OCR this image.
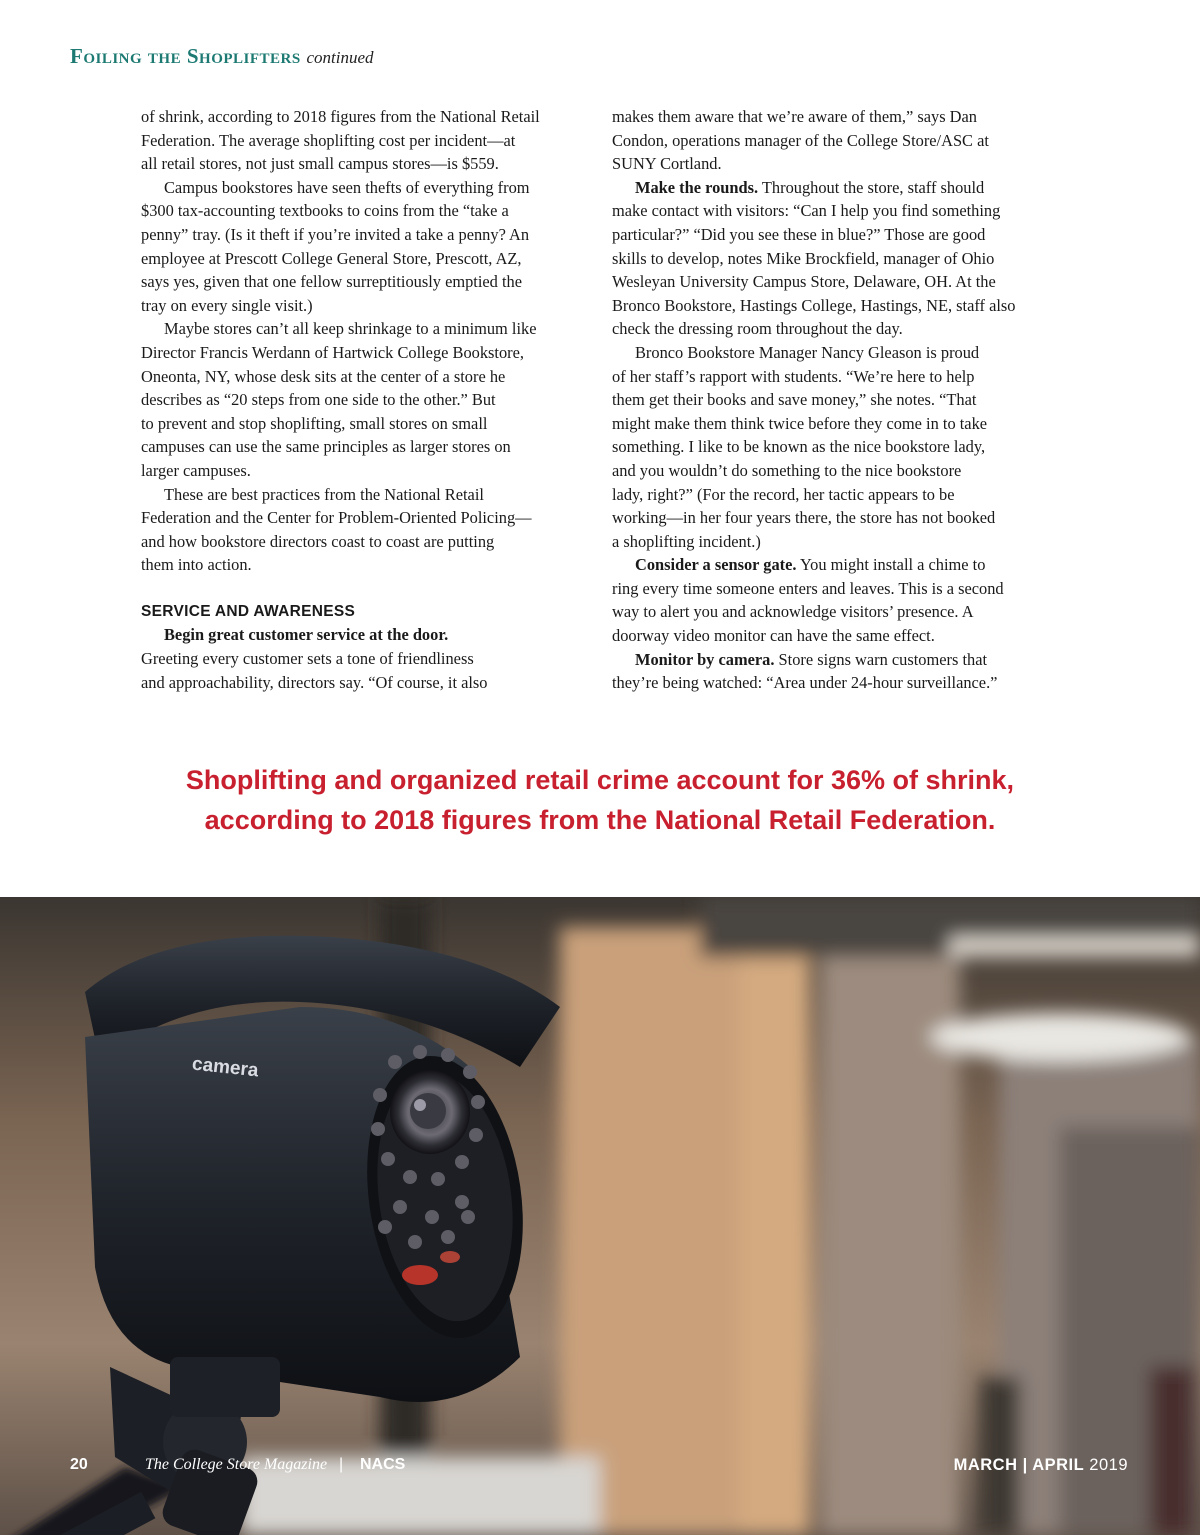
Foiling the Shoplifters continued

of shrink, according to 2018 figures from the National Retail

Federation. The average shoplifting cost per incident—at

all retail stores, not just small campus stores—is $559.

Campus bookstores have seen thefts of everything from

$300 tax-accounting textbooks to coins from the “take a

penny” tray. (Is it theft if you’re invited a take a penny? An

employee at Prescott College General Store, Prescott, AZ,

says yes, given that one fellow surreptitiously emptied the

tray on every single visit.)

Maybe stores can’t all keep shrinkage to a minimum like

Director Francis Werdann of Hartwick College Bookstore,

Oneonta, NY, whose desk sits at the center of a store he

describes as “20 steps from one side to the other.” But

to prevent and stop shoplifting, small stores on small

campuses can use the same principles as larger stores on

larger campuses.

These are best practices from the National Retail

Federation and the Center for Problem-Oriented Policing—

and how bookstore directors coast to coast are putting

them into action.

SERVICE AND AWARENESS

Begin great customer service at the door.

Greeting every customer sets a tone of friendliness

and approachability, directors say. “Of course, it also

makes them aware that we’re aware of them,” says Dan

Condon, operations manager of the College Store/ASC at

SUNY Cortland.

Make the rounds. Throughout the store, staff should

make contact with visitors: “Can I help you find something

particular?” “Did you see these in blue?” Those are good

skills to develop, notes Mike Brockfield, manager of Ohio

Wesleyan University Campus Store, Delaware, OH. At the

Bronco Bookstore, Hastings College, Hastings, NE, staff also

check the dressing room throughout the day.

Bronco Bookstore Manager Nancy Gleason is proud

of her staff’s rapport with students. “We’re here to help

them get their books and save money,” she notes. “That

might make them think twice before they come in to take

something. I like to be known as the nice bookstore lady,

and you wouldn’t do something to the nice bookstore

lady, right?” (For the record, her tactic appears to be

working—in her four years there, the store has not booked

a shoplifting incident.)

Consider a sensor gate. You might install a chime to

ring every time someone enters and leaves. This is a second

way to alert you and acknowledge visitors’ presence. A

doorway video monitor can have the same effect.

Monitor by camera. Store signs warn customers that

they’re being watched: “Area under 24-hour surveillance.”

Shoplifting and organized retail crime account for 36% of shrink,
according to 2018 figures from the National Retail Federation.
camera
20	The College Store Magazine | NACS	MARCH | APRIL 2019
